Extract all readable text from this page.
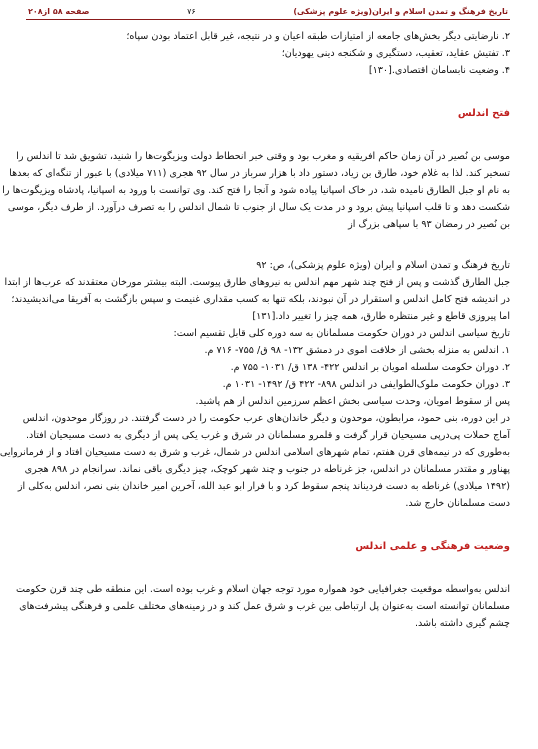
تاریخ فرهنگ و تمدن اسلام و ایران(ویژه علوم پزشکی)
۷۶
صفحه ۵۸ از۲۰۸
۲. نارضایتی دیگر بخش‌های جامعه از امتیازات طبقه اعیان و در نتیجه، غیر قابل اعتماد بودن سپاه؛
۳. تفتیش عقاید، تعقیب، دستگیری و شکنجه دینی یهودیان؛
۴. وضعیت نابسامان اقتصادی.[۱۳۰]
فتح اندلس
موسی بن نُصیر در آن زمان حاکم افریقیه و مغرب بود و وقتی خبر انحطاط دولت ویزیگوت‌ها را شنید، تشویق شد تا اندلس را
تسخیر کند. لذا به غلام خود، طارق بن زیاد، دستور داد با هزار سرباز در سال ۹۲ هجری (۷۱۱ میلادی) با عبور از تنگه‌ای که بعدها
به نام او جبل الطارق نامیده شد، در خاک اسپانیا پیاده شود و آنجا را فتح کند. وی توانست با ورود به اسپانیا، پادشاه ویزیگوت‌ها را
شکست دهد و تا قلب اسپانیا پیش برود و در مدت یک سال از جنوب تا شمال اندلس را به تصرف درآورد. از طرف دیگر، موسی
بن نُصیر در رمضان ۹۳ با سپاهی بزرگ از
تاریخ فرهنگ و تمدن اسلام و ایران (ویژه علوم پزشکی)، ص: ۹۲
جبل الطارق گذشت و پس از فتح چند شهر مهم اندلس به نیروهای طارق پیوست. البته بیشتر مورخان معتقدند که عرب‌ها از ابتدا
در اندیشه فتح کامل اندلس و استقرار در آن نبودند، بلکه تنها به کسب مقداری غنیمت و سپس بازگشت به آفریقا می‌اندیشیدند؛
اما پیروزی قاطع و غیر منتظره طارق، همه چیز را تغییر داد.[۱۳۱]
تاریخ سیاسی اندلس در دوران حکومت مسلمانان به سه دوره کلی قابل تقسیم است:
۱. اندلس به منزله بخشی از خلافت اموی در دمشق ۱۳۲- ۹۸ ق/ ۷۵۵- ۷۱۶ م.
۲. دوران حکومت سلسله امویان بر اندلس ۴۲۲- ۱۳۸ ق/ ۱۰۳۱- ۷۵۵ م.
۳. دوران حکومت ملوک‌الطوایفی در اندلس ۸۹۸- ۴۲۲ ق/ ۱۴۹۲- ۱۰۳۱ م.
پس از سقوط امویان، وحدت سیاسی بخش اعظم سرزمین اندلس از هم پاشید.
در این دوره، بنی حمود، مرابطون، موحدون و دیگر خاندان‌های عرب حکومت را در دست گرفتند. در روزگار موحدون، اندلس
آماج حملات پی‌درپی مسیحیان قرار گرفت و قلمرو مسلمانان در شرق و غرب یکی پس از دیگری به دست مسیحیان افتاد.
به‌طوری که در نیمه‌های قرن هفتم، تمام شهرهای اسلامی اندلس در شمال، غرب و شرق به دست مسیحیان افتاد و از فرمانروایی
پهناور و مقتدر مسلمانان در اندلس، جز غرناطه در جنوب و چند شهر کوچک، چیز دیگری باقی نماند. سرانجام در ۸۹۸ هجری
(۱۴۹۲ میلادی) غرناطه به دست فردیناند پنجم سقوط کرد و با فرار ابو عبد الله، آخرین امیر خاندان بنی نصر، اندلس به‌کلی از
دست مسلمانان خارج شد.
وضعیت فرهنگی و علمی اندلس
اندلس به‌واسطه موقعیت جغرافیایی خود همواره مورد توجه جهان اسلام و غرب بوده است. این منطقه طی چند قرن حکومت
مسلمانان توانسته است به‌عنوان پل ارتباطی بین غرب و شرق عمل کند و در زمینه‌های مختلف علمی و فرهنگی پیشرفت‌های
چشم گیری داشته باشد.
